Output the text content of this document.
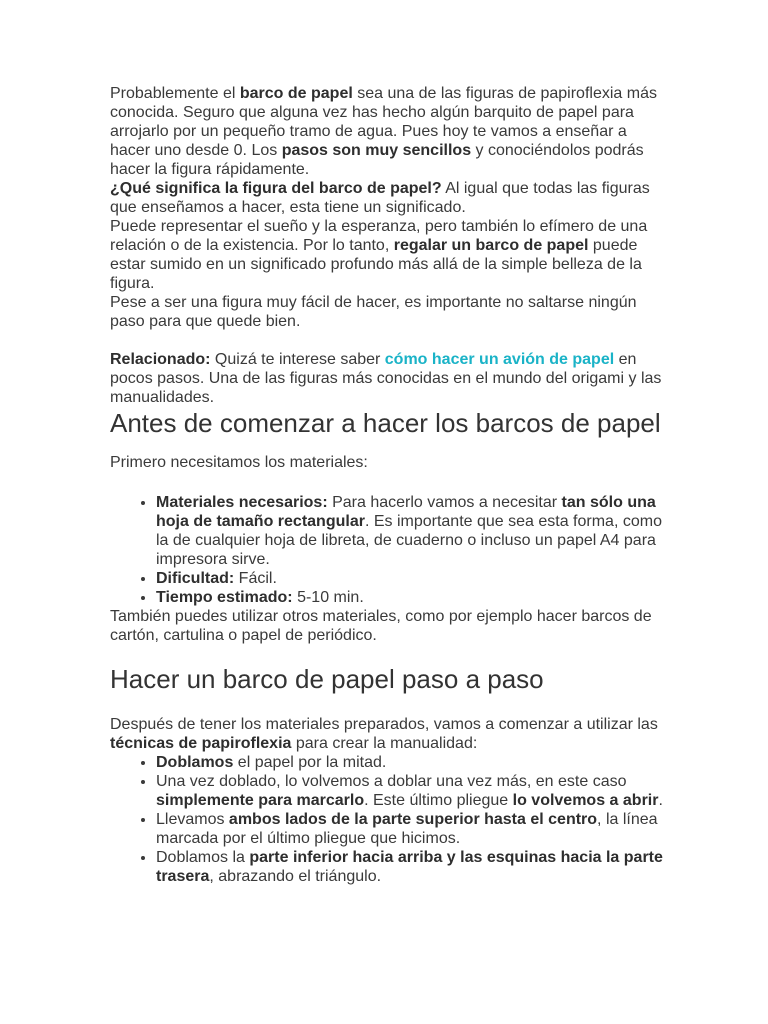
Probablemente el barco de papel sea una de las figuras de papiroflexia más conocida. Seguro que alguna vez has hecho algún barquito de papel para arrojarlo por un pequeño tramo de agua. Pues hoy te vamos a enseñar a hacer uno desde 0. Los pasos son muy sencillos y conociéndolos podrás hacer la figura rápidamente.

¿Qué significa la figura del barco de papel? Al igual que todas las figuras que enseñamos a hacer, esta tiene un significado.

Puede representar el sueño y la esperanza, pero también lo efímero de una relación o de la existencia. Por lo tanto, regalar un barco de papel puede estar sumido en un significado profundo más allá de la simple belleza de la figura.

Pese a ser una figura muy fácil de hacer, es importante no saltarse ningún paso para que quede bien.

Relacionado: Quizá te interese saber cómo hacer un avión de papel en pocos pasos. Una de las figuras más conocidas en el mundo del origami y las manualidades.

Antes de comenzar a hacer los barcos de papel

Primero necesitamos los materiales:

• Materiales necesarios: Para hacerlo vamos a necesitar tan sólo una hoja de tamaño rectangular. Es importante que sea esta forma, como la de cualquier hoja de libreta, de cuaderno o incluso un papel A4 para impresora sirve.
• Dificultad: Fácil.
• Tiempo estimado: 5-10 min.

También puedes utilizar otros materiales, como por ejemplo hacer barcos de cartón, cartulina o papel de periódico.

Hacer un barco de papel paso a paso

Después de tener los materiales preparados, vamos a comenzar a utilizar las técnicas de papiroflexia para crear la manualidad:

• Doblamos el papel por la mitad.
• Una vez doblado, lo volvemos a doblar una vez más, en este caso simplemente para marcarlo. Este último pliegue lo volvemos a abrir.
• Llevamos ambos lados de la parte superior hasta el centro, la línea marcada por el último pliegue que hicimos.
• Doblamos la parte inferior hacia arriba y las esquinas hacia la parte trasera, abrazando el triángulo.
